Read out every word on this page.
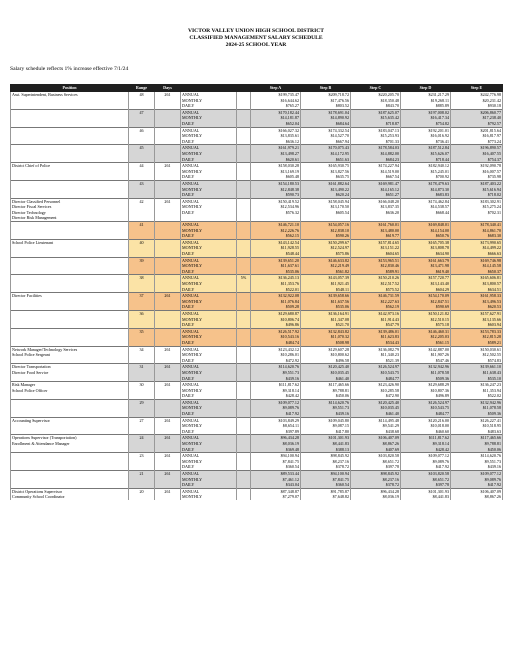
VICTOR VALLEY UNION HIGH SCHOOL DISTRICT
CLASSIFIED MANAGEMENT SALARY SCHEDULE
2024-25 SCHOOL YEAR
Salary schedule reflects 1% increase effective 7/1/24
Position	Range	Days			Step A	Step B	Step C	Step D	Step E
Asst. Superintendent, Business Services	48	261	ANNUAL		$199,735.47	$209,718.72	$220,205.70	$231,217.29	$242,776.98
			MONTHLY		$16,644.62	$17,476.56	$18,350.48	$19,268.11	$20,231.42
			DAILY		$765.27	$803.52	$843.70	$885.89	$930.18
	47		ANNUAL		$170,182.44	$178,691.04	$187,625.07	$197,008.02	$206,860.77
			MONTHLY		$14,181.87	$14,890.92	$15,635.42	$16,417.34	$17,238.40
			DAILY		$652.04	$684.64	$718.87	$754.82	$792.57
	46		ANNUAL		$166,027.32	$174,332.54	$183,047.13	$192,201.01	$201,815.64
			MONTHLY		$13,835.61	$14,527.70	$15,253.93	$16,016.92	$16,817.97
			DAILY		$636.12	$667.94	$701.33	$736.41	$773.24
	45		ANNUAL		$161,979.21	$170,075.43	$178,584.03	$187,512.84	$196,890.57
			MONTHLY		$13,498.27	$14,172.95	$14,882.00	$15,626.07	$16,407.55
			DAILY		$620.61	$651.63	$684.23	$718.44	$754.37
District Chief of Police	44	261	ANNUAL		$158,030.28	$165,930.75	$174,227.94	$182,940.12	$192,090.78
			MONTHLY		$13,169.19	$13,827.56	$14,519.00	$15,245.01	$16,007.57
			DAILY		$605.48	$635.75	$667.54	$700.92	$735.98
	43		ANNUAL		$154,180.53	$161,882.64	$169,981.47	$178,479.63	$187,403.22
			MONTHLY		$12,848.38	$13,490.22	$14,165.12	$14,873.30	$15,616.94
			DAILY		$590.73	$620.24	$651.27	$683.83	$718.02
Director Classified Personnel	42	261	ANNUAL		$150,419.52	$158,045.94	$166,048.20	$174,462.84	$183,302.91
Director Fiscal Services			MONTHLY		$12,534.96	$13,170.50	$13,837.35	$14,538.57	$15,275.24
Director Technology			DAILY		$576.32	$605.54	$636.20	$668.44	$702.31
Director Risk Management									
	41		ANNUAL		$146,721.10	$154,057.16	$161,760.01	$169,848.01	$178,340.41
			MONTHLY		$12,226.76	$12,838.10	$13,480.00	$14,154.00	$14,861.70
			DAILY		$562.15	$590.26	$619.77	$650.76	$683.30
School Police Lieutenant	40		ANNUAL		$143,142.54	$150,299.67	$157,814.65	$165,705.38	$173,990.65
			MONTHLY		$11,928.55	$12,524.97	$13,151.22	$13,808.78	$14,499.22
			DAILY		$548.44	$575.86	$604.65	$634.90	$666.63
	39		ANNUAL		$139,651.20	$146,633.82	$153,965.51	$161,663.79	$169,746.98
			MONTHLY		$11,637.61	$12,219.49	$12,830.46	$13,471.98	$14,145.58
			DAILY		$535.06	$561.82	$589.91	$619.40	$650.37
	38		ANNUAL	5%	$136,245.13	$143,057.39	$150,210.26	$157,720.77	$165,606.81
			MONTHLY		$11,353.76	$11,921.45	$12,517.52	$13,143.40	$13,800.57
			DAILY		$522.01	$548.11	$575.52	$604.29	$634.51
Director Facilities	37	261	ANNUAL		$132,922.08	$139,658.66	$146,731.59	$154,170.09	$161,958.33
			MONTHLY		$11,076.84	$11,637.56	$12,227.63	$12,847.51	$13,496.53
			DAILY		$509.28	$535.06	$562.19	$590.69	$620.53
	36		ANNUAL		$129,680.87	$136,164.91	$142,973.16	$150,121.82	$157,627.91
			MONTHLY		$10,806.74	$11,347.08	$11,914.43	$12,510.15	$13,135.66
			DAILY		$496.86	$521.70	$547.79	$575.18	$603.94
	35		ANNUAL		$126,517.92	$132,843.82	$139,486.01	$146,460.31	$153,783.33
			MONTHLY		$10,543.16	$11,070.32	$11,623.83	$12,205.03	$12,815.28
			DAILY		$484.74	$508.98	$534.43	$561.15	$589.21
Network Manager/Technology Services	34	261	ANNUAL		$123,432.12	$129,607.28	$136,082.79	$142,887.00	$150,030.61
School Police Sergeant			MONTHLY		$10,286.01	$10,800.62	$11,340.23	$11,907.26	$12,502.55
			DAILY		$472.92	$496.58	$521.39	$547.46	$574.83
Director Transportation	31	261	ANNUAL		$114,620.76	$120,425.40	$126,524.97	$132,942.96	$139,661.10
Director Food Service			MONTHLY		$9,551.73	$10,035.45	$10,543.75	$11,078.58	$11,638.43
			DAILY		$439.16	$461.40	$484.77	$509.36	$535.10
Risk Manager	30	261	ANNUAL		$111,817.62	$117,465.66	$123,426.90	$129,688.29	$136,247.23
School Police Officer			MONTHLY		$9,318.14	$9,788.81	$10,285.58	$10,807.36	$11,353.94
			DAILY		$428.42	$450.06	$472.90	$496.89	$522.02
	29		ANNUAL		$109,077.12	$114,620.76	$120,425.40	$126,524.97	$132,942.96
			MONTHLY		$9,089.76	$9,551.73	$10,035.45	$10,543.75	$11,078.58
			DAILY		$417.92	$439.16	$461.40	$484.77	$509.36
Accounting Supervisor	27	261	ANNUAL		$103,849.29	$109,045.80	$114,495.48	$120,216.00	$126,227.41
			MONTHLY		$8,654.11	$9,087.15	$9,541.29	$10,018.00	$10,518.95
			DAILY		$397.89	$417.80	$438.68	$460.60	$483.63
Operations Supervisor (Transportation)	24	261	ANNUAL		$96,434.28	$101,301.93	$106,407.09	$111,817.62	$117,465.66
Enrollment & Attendance Manager			MONTHLY		$8,036.19	$8,441.83	$8,867.26	$9,318.14	$9,788.81
			DAILY		$369.48	$388.13	$407.69	$428.42	$450.06
	23	261	ANNUAL		$94,100.94	$98,845.92	$103,820.58	$109,077.12	$114,620.76
			MONTHLY		$7,841.75	$8,237.16	$8,651.72	$9,089.76	$9,551.73
			DAILY		$360.54	$378.72	$397.78	$417.92	$439.16
	21	261	ANNUAL		$89,533.44	$94,100.94	$98,845.92	$103,820.58	$109,077.12
			MONTHLY		$7,461.12	$7,841.75	$8,237.16	$8,651.72	$9,089.76
			DAILY		$343.04	$360.54	$378.72	$397.78	$417.92
District Operations Supervisor	20	261	ANNUAL		$87,348.87	$91,785.87	$96,434.28	$101,301.93	$106,407.09
Community School Coordinator			MONTHLY		$7,279.07	$7,648.82	$8,036.19	$8,441.83	$8,867.26
